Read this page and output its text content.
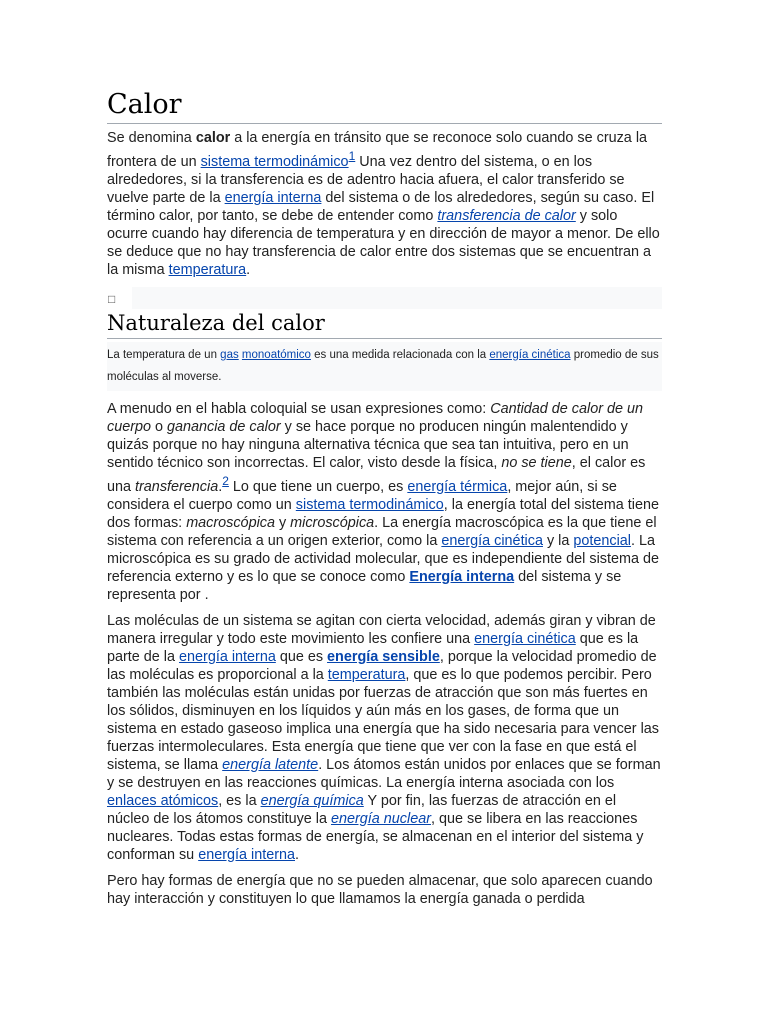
Calor

Se denomina calor a la energía en tránsito que se reconoce solo cuando se cruza la frontera de un sistema termodinámico$^1$ Una vez dentro del sistema, o en los alrededores, si la transferencia es de adentro hacia afuera, el calor transferido se vuelve parte de la energía interna del sistema o de los alrededores, según su caso. El término calor, por tanto, se debe de entender como transferencia de calor y solo ocurre cuando hay diferencia de temperatura y en dirección de mayor a menor. De ello se deduce que no hay transferencia de calor entre dos sistemas que se encuentran a la misma temperatura.

□
Naturaleza del calor
La temperatura de un gas monoatómico es una medida relacionada con la energía cinética promedio de sus moléculas al moverse.

A menudo en el habla coloquial se usan expresiones como: Cantidad de calor de un cuerpo o ganancia de calor y se hace porque no producen ningún malentendido y quizás porque no hay ninguna alternativa técnica que sea tan intuitiva, pero en un sentido técnico son incorrectas. El calor, visto desde la física, no se tiene, el calor es una transferencia.$^2$ Lo que tiene un cuerpo, es energía térmica, mejor aún, si se considera el cuerpo como un sistema termodinámico, la energía total del sistema tiene dos formas: macroscópica y microscópica. La energía macroscópica es la que tiene el sistema con referencia a un origen exterior, como la energía cinética y la potencial. La microscópica es su grado de actividad molecular, que es independiente del sistema de referencia externo y es lo que se conoce como Energía interna del sistema y se representa por .

Las moléculas de un sistema se agitan con cierta velocidad, además giran y vibran de manera irregular y todo este movimiento les confiere una energía cinética que es la parte de la energía interna que es energía sensible, porque la velocidad promedio de las moléculas es proporcional a la temperatura, que es lo que podemos percibir. Pero también las moléculas están unidas por fuerzas de atracción que son más fuertes en los sólidos, disminuyen en los líquidos y aún más en los gases, de forma que un sistema en estado gaseoso implica una energía que ha sido necesaria para vencer las fuerzas intermoleculares. Esta energía que tiene que ver con la fase en que está el sistema, se llama energía latente. Los átomos están unidos por enlaces que se forman y se destruyen en las reacciones químicas. La energía interna asociada con los enlaces atómicos, es la energía química Y por fin, las fuerzas de atracción en el núcleo de los átomos constituye la energía nuclear, que se libera en las reacciones nucleares. Todas estas formas de energía, se almacenan en el interior del sistema y conforman su energía interna.

Pero hay formas de energía que no se pueden almacenar, que solo aparecen cuando hay interacción y constituyen lo que llamamos la energía ganada o perdida
